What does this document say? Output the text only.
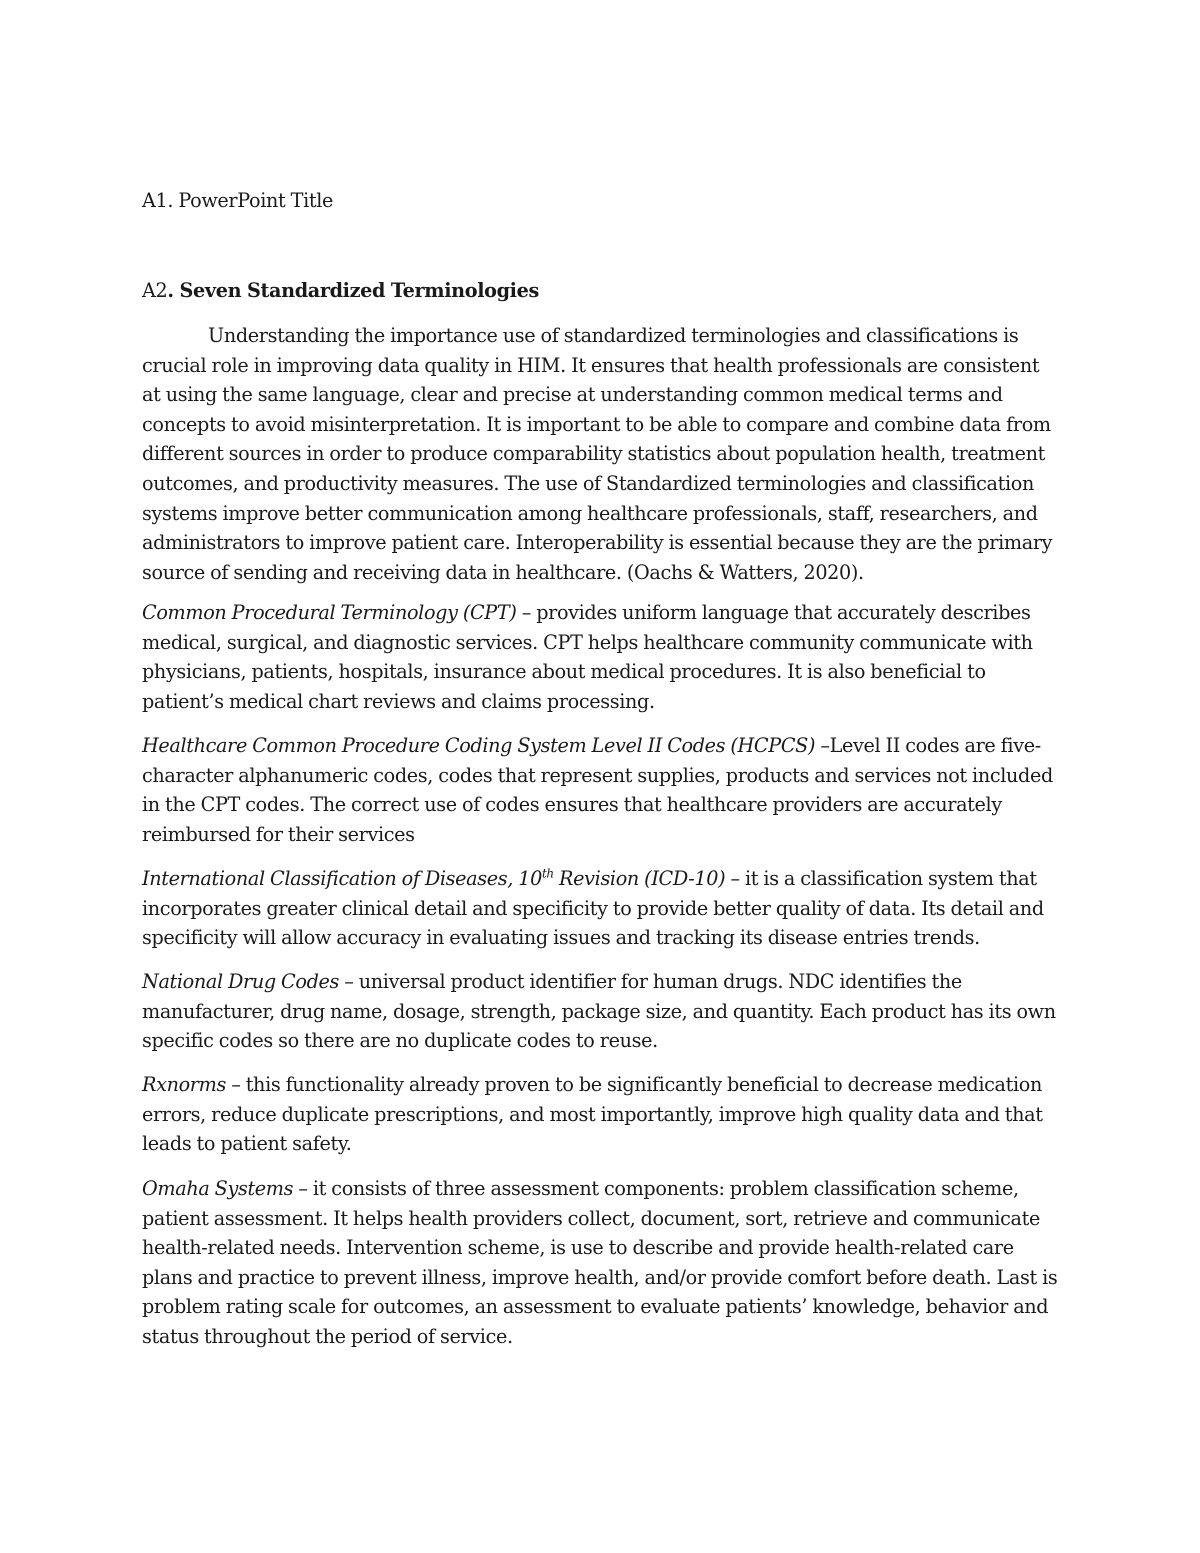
A1. PowerPoint Title

A2. Seven Standardized Terminologies

Understanding the importance use of standardized terminologies and classifications is crucial role in improving data quality in HIM. It ensures that health professionals are consistent at using the same language, clear and precise at understanding common medical terms and concepts to avoid misinterpretation. It is important to be able to compare and combine data from different sources in order to produce comparability statistics about population health, treatment outcomes, and productivity measures. The use of Standardized terminologies and classification systems improve better communication among healthcare professionals, staff, researchers, and administrators to improve patient care. Interoperability is essential because they are the primary source of sending and receiving data in healthcare. (Oachs & Watters, 2020).

Common Procedural Terminology (CPT) – provides uniform language that accurately describes medical, surgical, and diagnostic services. CPT helps healthcare community communicate with physicians, patients, hospitals, insurance about medical procedures. It is also beneficial to patient’s medical chart reviews and claims processing.

Healthcare Common Procedure Coding System Level II Codes (HCPCS) –Level II codes are five-character alphanumeric codes, codes that represent supplies, products and services not included in the CPT codes. The correct use of codes ensures that healthcare providers are accurately reimbursed for their services

International Classification of Diseases, 10th Revision (ICD-10) – it is a classification system that incorporates greater clinical detail and specificity to provide better quality of data. Its detail and specificity will allow accuracy in evaluating issues and tracking its disease entries trends.

National Drug Codes – universal product identifier for human drugs. NDC identifies the manufacturer, drug name, dosage, strength, package size, and quantity. Each product has its own specific codes so there are no duplicate codes to reuse.

Rxnorms – this functionality already proven to be significantly beneficial to decrease medication errors, reduce duplicate prescriptions, and most importantly, improve high quality data and that leads to patient safety.

Omaha Systems – it consists of three assessment components: problem classification scheme, patient assessment. It helps health providers collect, document, sort, retrieve and communicate health-related needs. Intervention scheme, is use to describe and provide health-related care plans and practice to prevent illness, improve health, and/or provide comfort before death. Last is problem rating scale for outcomes, an assessment to evaluate patients’ knowledge, behavior and status throughout the period of service.
